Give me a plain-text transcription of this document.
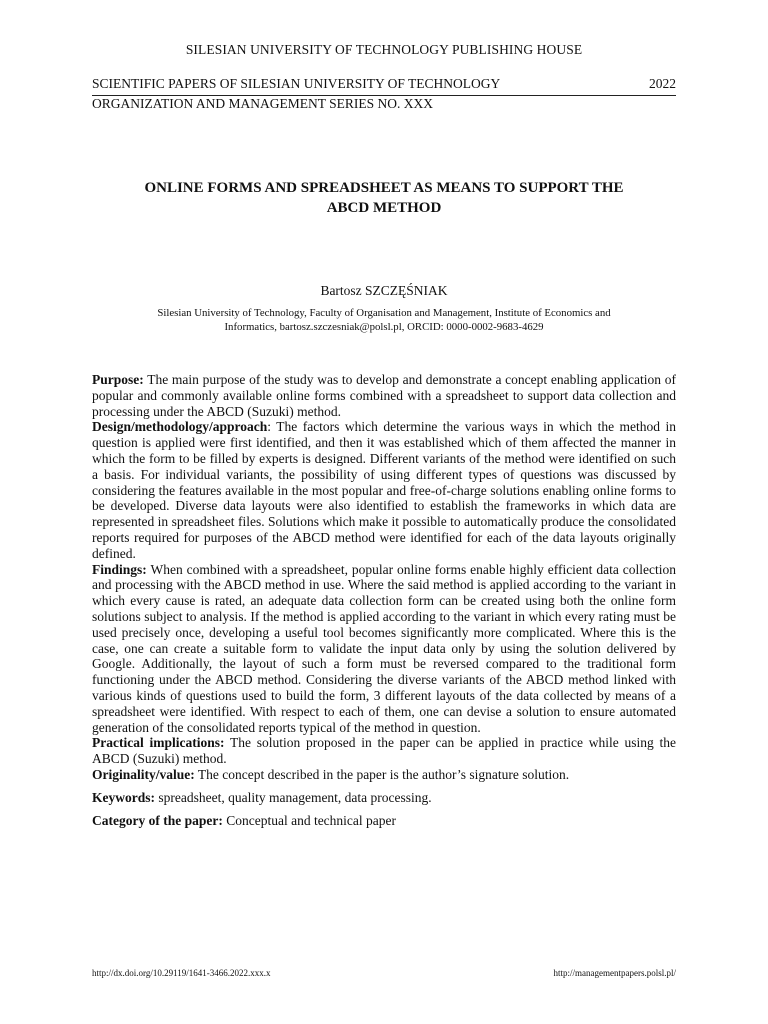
SILESIAN UNIVERSITY OF TECHNOLOGY PUBLISHING HOUSE
SCIENTIFIC PAPERS OF SILESIAN UNIVERSITY OF TECHNOLOGY	2022
ORGANIZATION AND MANAGEMENT SERIES NO. XXX
ONLINE FORMS AND SPREADSHEET AS MEANS TO SUPPORT THE
ABCD METHOD
Bartosz SZCZĘŚNIAK
Silesian University of Technology, Faculty of Organisation and Management, Institute of Economics and
Informatics, bartosz.szczesniak@polsl.pl, ORCID: 0000-0002-9683-4629

Purpose: The main purpose of the study was to develop and demonstrate a concept enabling application of popular and commonly available online forms combined with a spreadsheet to support data collection and processing under the ABCD (Suzuki) method.

Design/methodology/approach: The factors which determine the various ways in which the method in question is applied were first identified, and then it was established which of them affected the manner in which the form to be filled by experts is designed. Different variants of the method were identified on such a basis. For individual variants, the possibility of using different types of questions was discussed by considering the features available in the most popular and free-of-charge solutions enabling online forms to be developed. Diverse data layouts were also identified to establish the frameworks in which data are represented in spreadsheet files. Solutions which make it possible to automatically produce the consolidated reports required for purposes of the ABCD method were identified for each of the data layouts originally defined.

Findings: When combined with a spreadsheet, popular online forms enable highly efficient data collection and processing with the ABCD method in use. Where the said method is applied according to the variant in which every cause is rated, an adequate data collection form can be created using both the online form solutions subject to analysis. If the method is applied according to the variant in which every rating must be used precisely once, developing a useful tool becomes significantly more complicated. Where this is the case, one can create a suitable form to validate the input data only by using the solution delivered by Google. Additionally, the layout of such a form must be reversed compared to the traditional form functioning under the ABCD method. Considering the diverse variants of the ABCD method linked with various kinds of questions used to build the form, 3 different layouts of the data collected by means of a spreadsheet were identified. With respect to each of them, one can devise a solution to ensure automated generation of the consolidated reports typical of the method in question.

Practical implications: The solution proposed in the paper can be applied in practice while using the ABCD (Suzuki) method.

Originality/value: The concept described in the paper is the author’s signature solution.

Keywords: spreadsheet, quality management, data processing.

Category of the paper: Conceptual and technical paper

http://dx.doi.org/10.29119/1641-3466.2022.xxx.x	http://managementpapers.polsl.pl/
